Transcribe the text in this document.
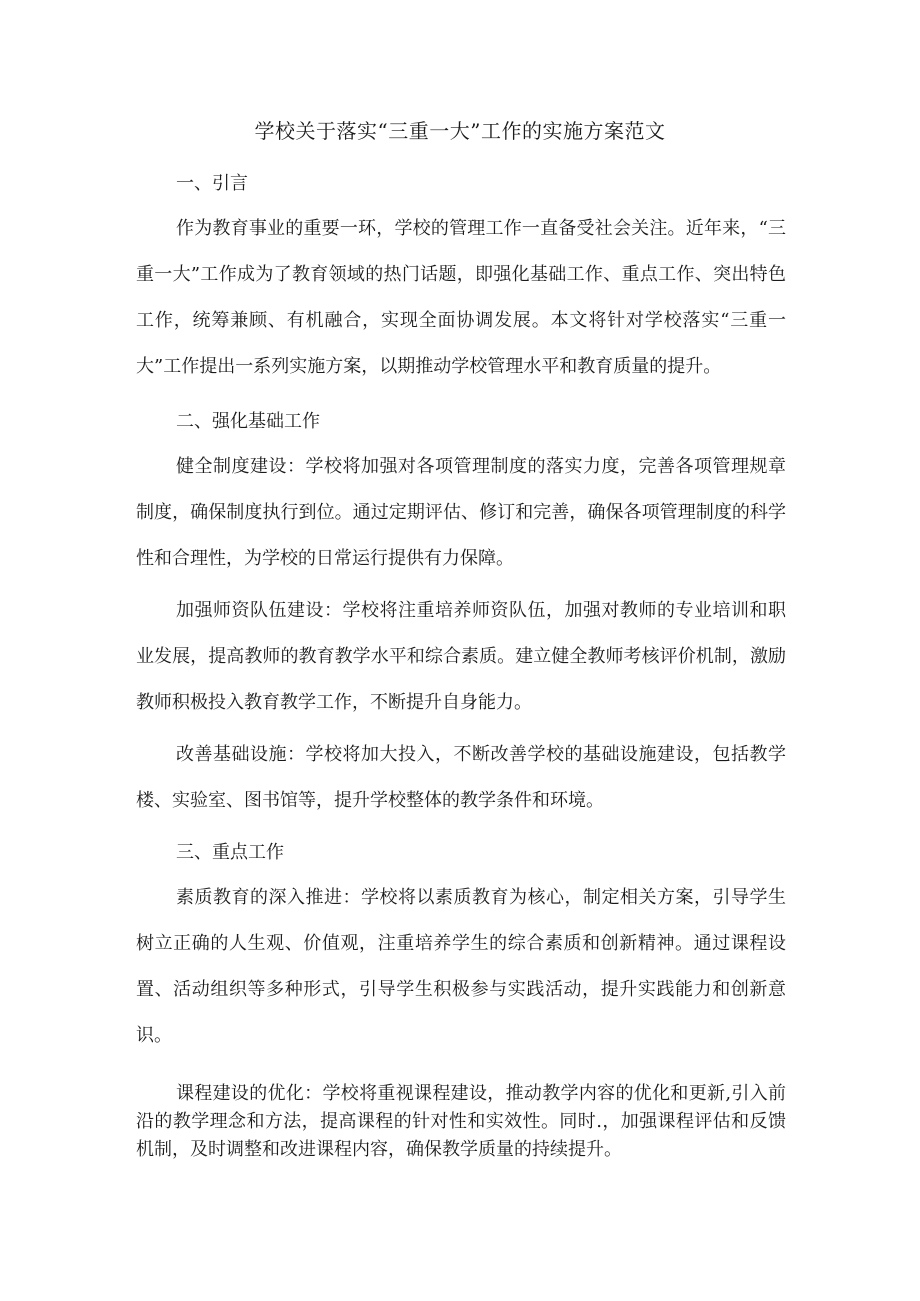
学校关于落实“三重一大”工作的实施方案范文
一、引言

作为教育事业的重要一环，学校的管理工作一直备受社会关注。近年来，“三重一大”工作成为了教育领域的热门话题，即强化基础工作、重点工作、突出特色工作，统筹兼顾、有机融合，实现全面协调发展。本文将针对学校落实“三重一大”工作提出一系列实施方案，以期推动学校管理水平和教育质量的提升。

二、强化基础工作

健全制度建设：学校将加强对各项管理制度的落实力度，完善各项管理规章制度，确保制度执行到位。通过定期评估、修订和完善，确保各项管理制度的科学性和合理性，为学校的日常运行提供有力保障。

加强师资队伍建设：学校将注重培养师资队伍，加强对教师的专业培训和职业发展，提高教师的教育教学水平和综合素质。建立健全教师考核评价机制，激励教师积极投入教育教学工作，不断提升自身能力。

改善基础设施：学校将加大投入，不断改善学校的基础设施建设，包括教学楼、实验室、图书馆等，提升学校整体的教学条件和环境。

三、重点工作

素质教育的深入推进：学校将以素质教育为核心，制定相关方案，引导学生树立正确的人生观、价值观，注重培养学生的综合素质和创新精神。通过课程设置、活动组织等多种形式，引导学生积极参与实践活动，提升实践能力和创新意识。

课程建设的优化：学校将重视课程建设，推动教学内容的优化和更新,引入前沿的教学理念和方法，提高课程的针对性和实效性。同时.，加强课程评估和反馈机制，及时调整和改进课程内容，确保教学质量的持续提升。
